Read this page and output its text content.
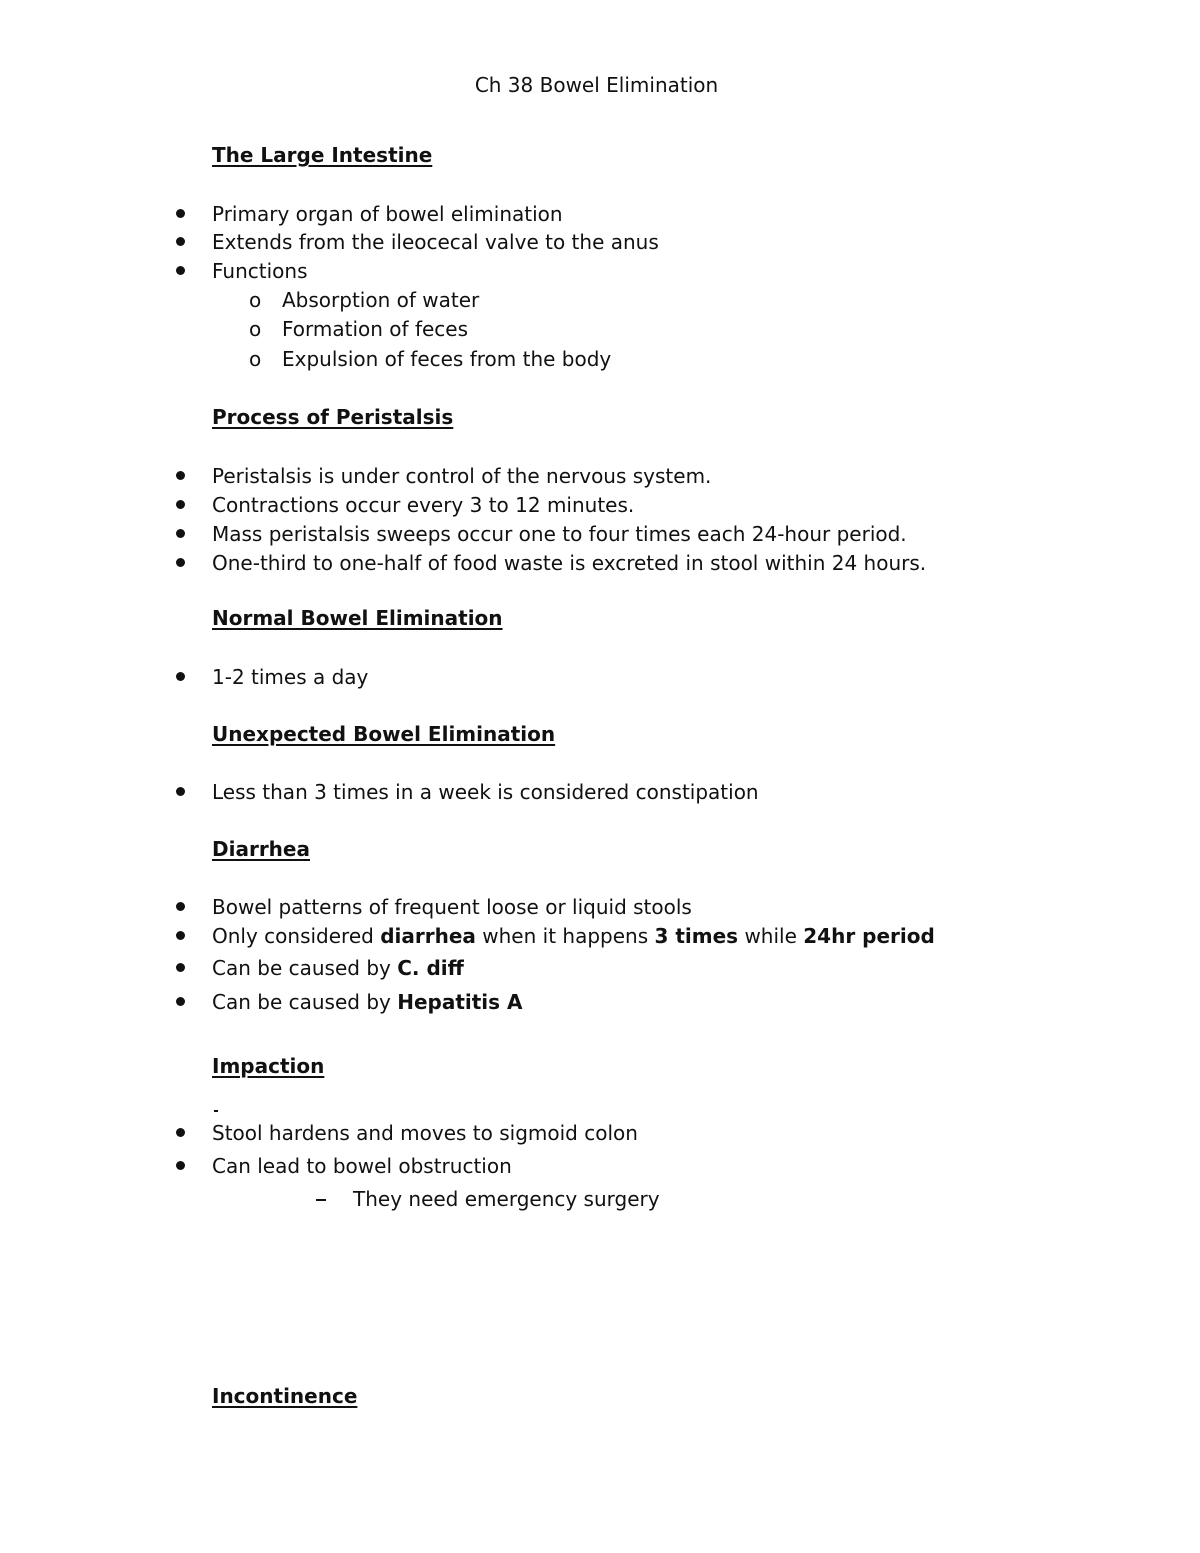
Ch 38 Bowel Elimination
The Large Intestine
Primary organ of bowel elimination
Extends from the ileocecal valve to the anus
Functions
o Absorption of water
o Formation of feces
o Expulsion of feces from the body
Process of Peristalsis
Peristalsis is under control of the nervous system.
Contractions occur every 3 to 12 minutes.
Mass peristalsis sweeps occur one to four times each 24-hour period.
One-third to one-half of food waste is excreted in stool within 24 hours.
Normal Bowel Elimination
1-2 times a day
Unexpected Bowel Elimination
Less than 3 times in a week is considered constipation
Diarrhea
Bowel patterns of frequent loose or liquid stools
Only considered diarrhea when it happens 3 times while 24hr period
Can be caused by C. diff
Can be caused by Hepatitis A
Impaction
Stool hardens and moves to sigmoid colon
Can lead to bowel obstruction
They need emergency surgery
Incontinence
